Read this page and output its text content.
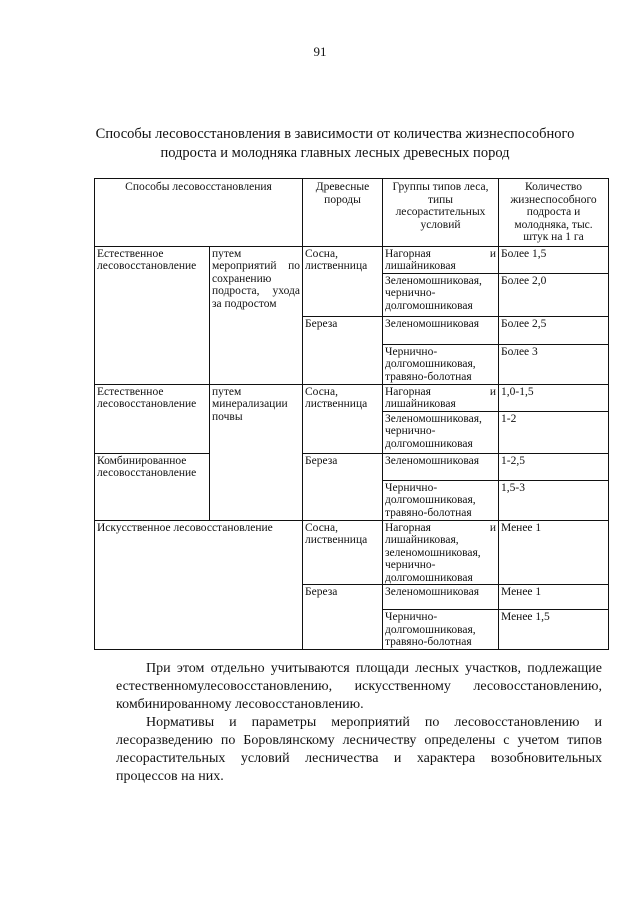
91
Способы лесовосстановления в зависимости от количества жизнеспособного
подроста и молодняка главных лесных древесных пород
Способы лесовосстановления		Древесные породы	Группы типов леса, типы лесорастительных условий	Количество жизнеспособного подроста и молодняка, тыс. штук на 1 га
Естественное лесовосстановление	путем мероприятий по сохранению подроста, ухода за подростом	Сосна, лиственница	Нагорная и лишайниковая	Более 1,5
			Зеленомошниковая, чернично-долгомошниковая	Более 2,0
		Береза	Зеленомошниковая	Более 2,5
			Чернично-долгомошниковая, травяно-болотная	Более 3
Естественное лесовосстановление	путем минерализации почвы	Сосна, лиственница	Нагорная и лишайниковая	1,0-1,5
			Зеленомошниковая, чернично-долгомошниковая	1-2
Комбинированное лесовосстановление		Береза	Зеленомошниковая	1-2,5
			Чернично-долгомошниковая, травяно-болотная	1,5-3
Искусственное лесовосстановление		Сосна, лиственница	Нагорная и лишайниковая, зеленомошниковая, чернично-долгомошниковая	Менее 1
		Береза	Зеленомошниковая	Менее 1
			Чернично-долгомошниковая, травяно-болотная	Менее 1,5
При этом отдельно учитываются площади лесных участков, подлежащие естественномулесовосстановлению, искусственному лесовосстановлению, комбинированному лесовосстановлению.
Нормативы и параметры мероприятий по лесовосстановлению и лесоразведению по Боровлянскому лесничеству определены с учетом типов лесорастительных условий лесничества и характера возобновительных процессов на них.
